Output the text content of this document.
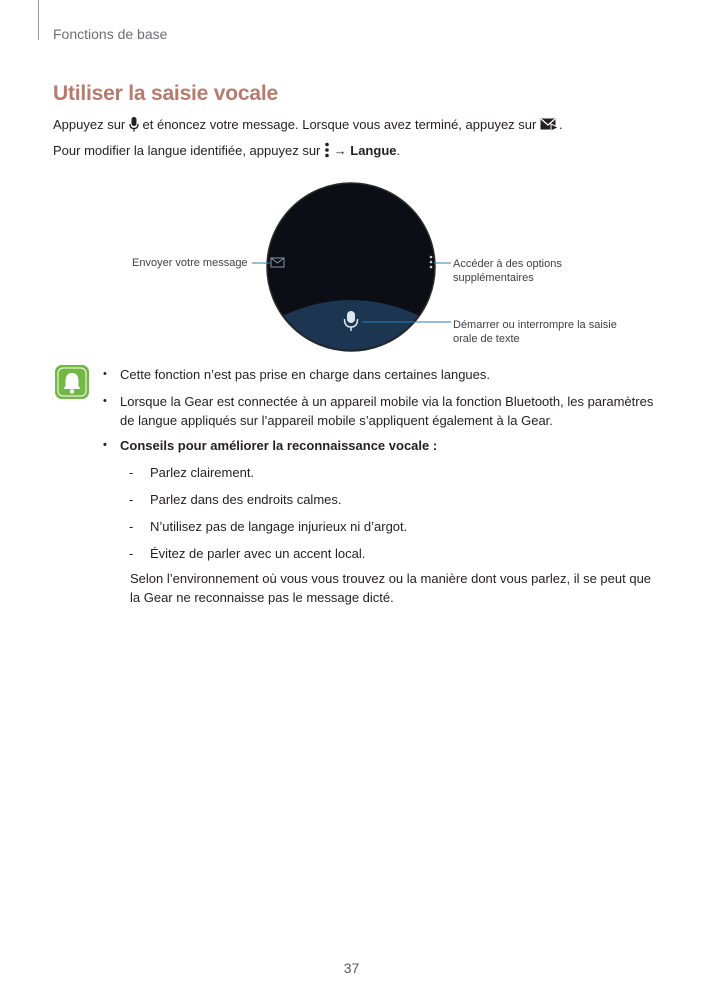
Fonctions de base
Utiliser la saisie vocale
Appuyez sur et énoncez votre message. Lorsque vous avez terminé, appuyez sur .
Pour modifier la langue identifiée, appuyez sur → Langue.
Envoyer votre message	Accéder à des options
supplémentaires
Démarrer ou interrompre la saisie
orale de texte
• Cette fonction n’est pas prise en charge dans certaines langues.
• Lorsque la Gear est connectée à un appareil mobile via la fonction Bluetooth, les paramètres de langue appliqués sur l’appareil mobile s’appliquent également à la Gear.
• Conseils pour améliorer la reconnaissance vocale :
- Parlez clairement.
- Parlez dans des endroits calmes.
- N’utilisez pas de langage injurieux ni d’argot.
- Évitez de parler avec un accent local.
Selon l’environnement où vous vous trouvez ou la manière dont vous parlez, il se peut que la Gear ne reconnaisse pas le message dicté.
37
